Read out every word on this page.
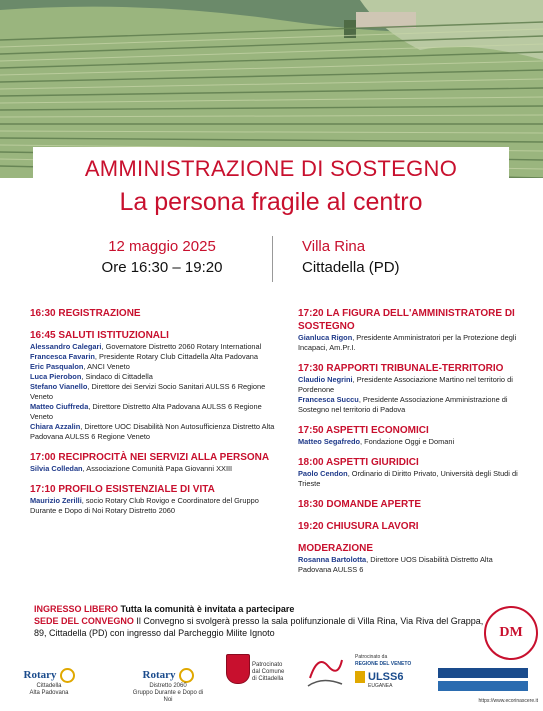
AMMINISTRAZIONE DI SOSTEGNO
La persona fragile al centro
12 maggio 2025
Ore 16:30 – 19:20
Villa Rina
Cittadella (PD)
16:30 REGISTRAZIONE
16:45 SALUTI ISTITUZIONALI
Alessandro Calegari, Governatore Distretto 2060 Rotary International
Francesca Favarin, Presidente Rotary Club Cittadella Alta Padovana
Eric Pasqualon, ANCI Veneto
Luca Pierobon, Sindaco di Cittadella
Stefano Vianello, Direttore dei Servizi Socio Sanitari AULSS 6 Regione Veneto
Matteo Ciuffreda, Direttore Distretto Alta Padovana AULSS 6 Regione Veneto
Chiara Azzalin, Direttore UOC Disabilità Non Autosufficienza Distretto Alta Padovana AULSS 6 Regione Veneto
17:00 RECIPROCITÀ NEI SERVIZI ALLA PERSONA
Silvia Colledan, Associazione Comunità Papa Giovanni XXIII
17:10 PROFILO ESISTENZIALE DI VITA
Maurizio Zerilli, socio Rotary Club Rovigo e Coordinatore del Gruppo Durante e Dopo di Noi Rotary Distretto 2060
17:20 LA FIGURA DELL'AMMINISTRATORE DI SOSTEGNO
Gianluca Rigon, Presidente Amministratori per la Protezione degli Incapaci, Am.Pr.I.
17:30 RAPPORTI TRIBUNALE-TERRITORIO
Claudio Negrini, Presidente Associazione Martino nel territorio di Pordenone
Francesca Succu, Presidente Associazione Amministrazione di Sostegno nel territorio di Padova
17:50 ASPETTI ECONOMICI
Matteo Segafredo, Fondazione Oggi e Domani
18:00 ASPETTI GIURIDICI
Paolo Cendon, Ordinario di Diritto Privato, Università degli Studi di Trieste
18:30 DOMANDE APERTE
19:20 CHIUSURA LAVORI
MODERAZIONE
Rosanna Bartolotta, Direttore UOS Disabilità Distretto Alta Padovana AULSS 6
INGRESSO LIBERO Tutta la comunità è invitata a partecipare
SEDE DEL CONVEGNO Il Convegno si svolgerà presso la sala polifunzionale di Villa Rina, Via Riva del Grappa, 89, Cittadella (PD) con ingresso dal Parcheggio Milite Ignoto	DM
Rotary
Cittadella
Alta Padovana
Rotary
Distretto 2060
Gruppo Durante e Dopo di Noi
Patrocinato
dal Comune
di Cittadella
Patrocinato da
REGIONE DEL VENETO
ULSS6
EUGANEA
https://www.ecorinascere.it
